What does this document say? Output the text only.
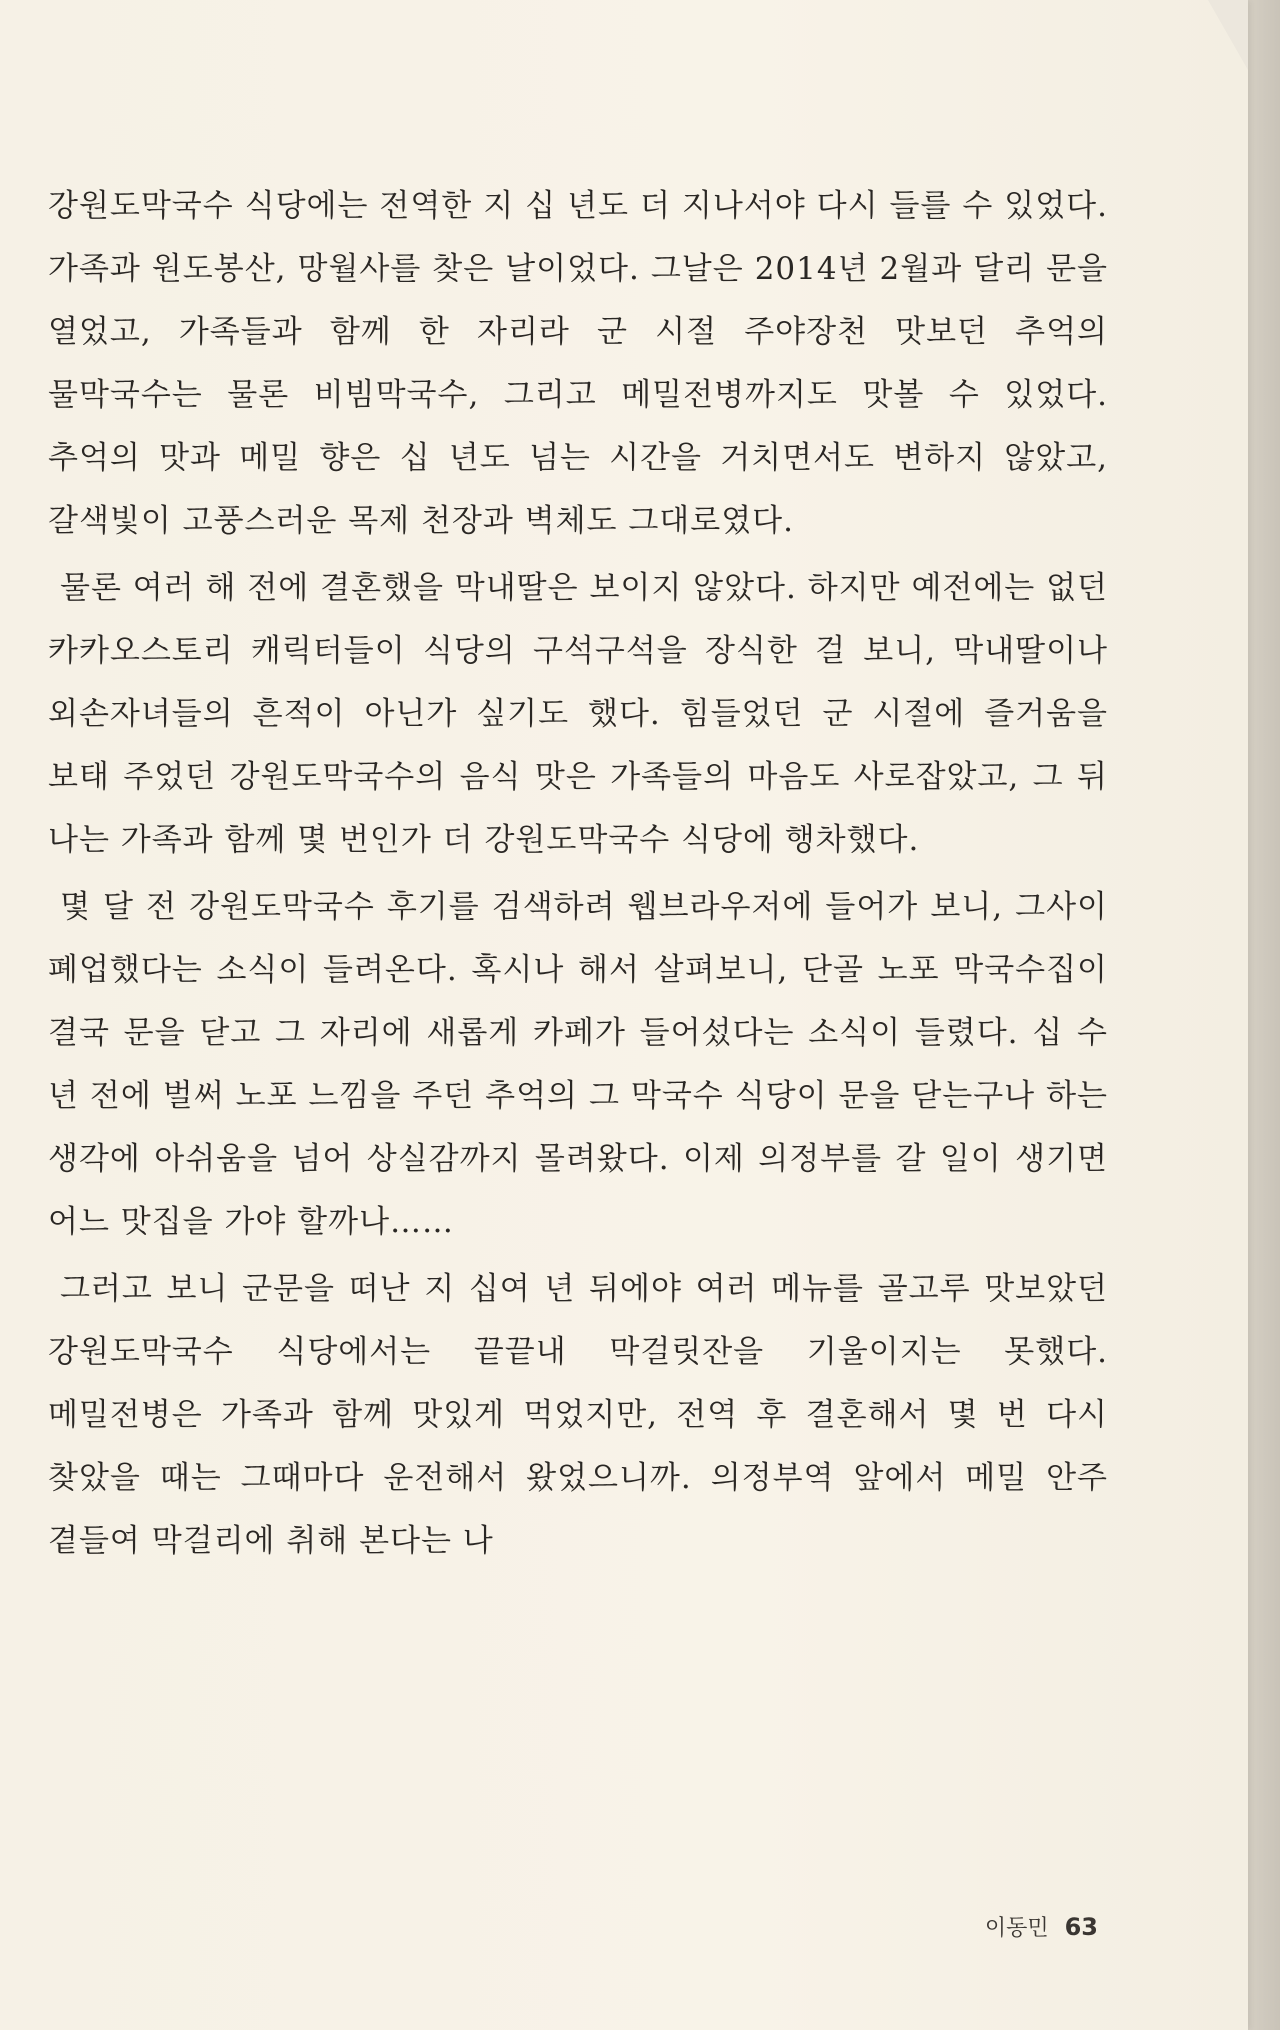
강원도막국수 식당에는 전역한 지 십 년도 더 지나서야 다시 들를 수 있었다. 가족과 원도봉산, 망월사를 찾은 날이었다. 그날은 2014년 2월과 달리 문을 열었고, 가족들과 함께 한 자리라 군 시절 주야장천 맛보던 추억의 물막국수는 물론 비빔막국수, 그리고 메밀전병까지도 맛볼 수 있었다. 추억의 맛과 메밀 향은 십 년도 넘는 시간을 거치면서도 변하지 않았고, 갈색빛이 고풍스러운 목제 천장과 벽체도 그대로였다.

물론 여러 해 전에 결혼했을 막내딸은 보이지 않았다. 하지만 예전에는 없던 카카오스토리 캐릭터들이 식당의 구석구석을 장식한 걸 보니, 막내딸이나 외손자녀들의 흔적이 아닌가 싶기도 했다. 힘들었던 군 시절에 즐거움을 보태 주었던 강원도막국수의 음식 맛은 가족들의 마음도 사로잡았고, 그 뒤 나는 가족과 함께 몇 번인가 더 강원도막국수 식당에 행차했다.

몇 달 전 강원도막국수 후기를 검색하려 웹브라우저에 들어가 보니, 그사이 폐업했다는 소식이 들려온다. 혹시나 해서 살펴보니, 단골 노포 막국수집이 결국 문을 닫고 그 자리에 새롭게 카페가 들어섰다는 소식이 들렸다. 십 수 년 전에 벌써 노포 느낌을 주던 추억의 그 막국수 식당이 문을 닫는구나 하는 생각에 아쉬움을 넘어 상실감까지 몰려왔다. 이제 의정부를 갈 일이 생기면 어느 맛집을 가야 할까나……

그러고 보니 군문을 떠난 지 십여 년 뒤에야 여러 메뉴를 골고루 맛보았던 강원도막국수 식당에서는 끝끝내 막걸릿잔을 기울이지는 못했다. 메밀전병은 가족과 함께 맛있게 먹었지만, 전역 후 결혼해서 몇 번 다시 찾았을 때는 그때마다 운전해서 왔었으니까. 의정부역 앞에서 메밀 안주 곁들여 막걸리에 취해 본다는 나

이동민 63
